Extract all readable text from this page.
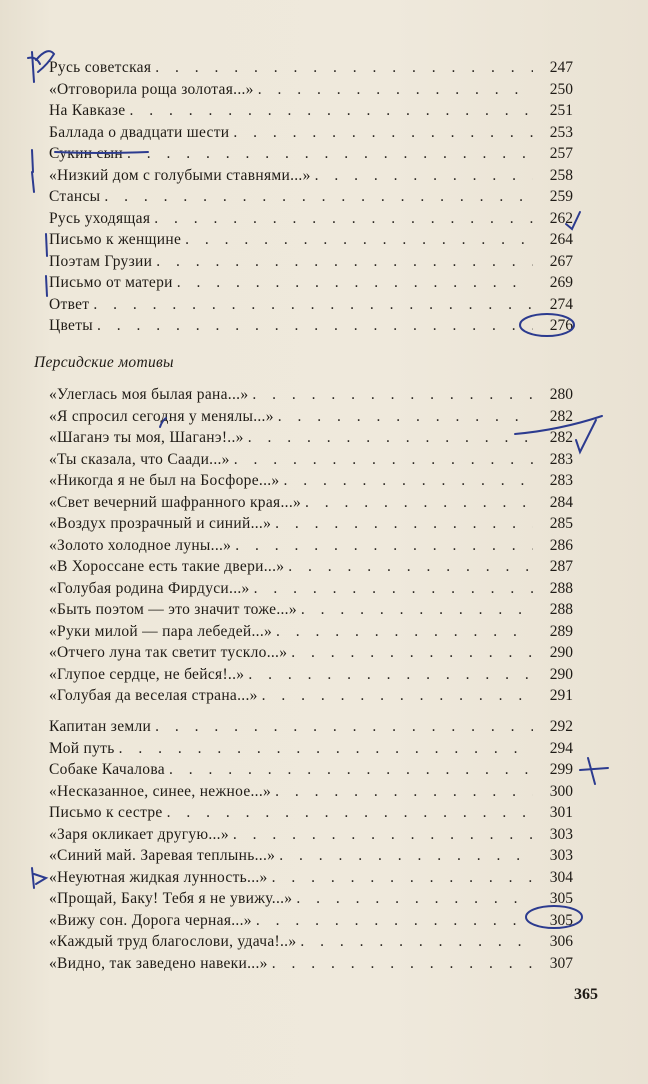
Русь советская . . .	247
«Отговорила роща золотая...» . . .	250
На Кавказе . . .	251
Баллада о двадцати шести . . .	253
Сукин сын . . .	257
«Низкий дом с голубыми ставнями...» . . .	258
Стансы . . .	259
Русь уходящая . . .	262
Письмо к женщине . . .	264
Поэтам Грузии . . .	267
Письмо от матери . . .	269
Ответ . . .	274
Цветы . . .	276
Персидские мотивы
«Улеглась моя былая рана...» . . .	280
«Я спросил сегодня у менялы...» . . .	282
«Шаганэ ты моя, Шаганэ!..» . . .	282
«Ты сказала, что Саади...» . . .	283
«Никогда я не был на Босфоре...» . . .	283
«Свет вечерний шафранного края...» . . .	284
«Воздух прозрачный и синий...» . . .	285
«Золото холодное луны...» . . .	286
«В Хороссане есть такие двери...» . . .	287
«Голубая родина Фирдуси...» . . .	288
«Быть поэтом — это значит тоже...» . . .	288
«Руки милой — пара лебедей...» . . .	289
«Отчего луна так светит тускло...» . . .	290
«Глупое сердце, не бейся!..» . . .	290
«Голубая да веселая страна...» . . .	291
Капитан земли . . .	292
Мой путь . . .	294
Собаке Качалова . . .	299
«Несказанное, синее, нежное...» . . .	300
Письмо к сестре . . .	301
«Заря окликает другую...» . . .	303
«Синий май. Заревая теплынь...» . . .	303
«Неуютная жидкая лунность...» . . .	304
«Прощай, Баку! Тебя я не увижу...» . . .	305
«Вижу сон. Дорога черная...» . . .	305
«Каждый труд благослови, удача!..» . . .	306
«Видно, так заведено навеки...» . . .	307
365
